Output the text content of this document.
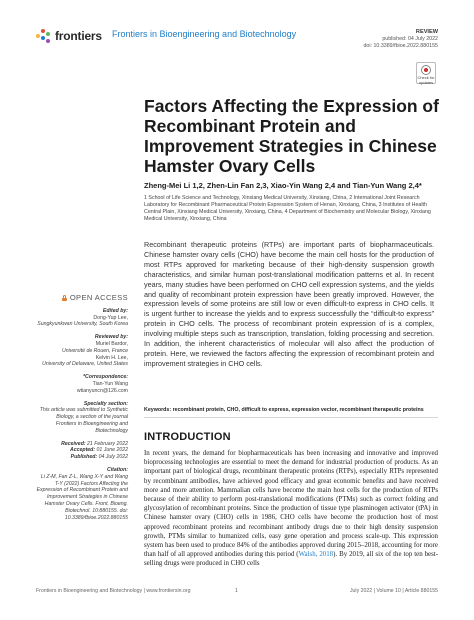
frontiers Frontiers in Bioengineering and Biotechnology	REVIEW
published: 04 July 2022
doi: 10.3389/fbioe.2022.880155
Check for
updates
Factors Affecting the Expression of Recombinant Protein and Improvement Strategies in Chinese Hamster Ovary Cells
Zheng-Mei Li 1,2, Zhen-Lin Fan 2,3, Xiao-Yin Wang 2,4 and Tian-Yun Wang 2,4*
1 School of Life Science and Technology, Xinxiang Medical University, Xinxiang, China, 2 International Joint Research Laboratory for Recombinant Pharmaceutical Protein Expression System of Henan, Xinxiang, China, 3 Institutes of Health Central Plain, Xinxiang Medical University, Xinxiang, China, 4 Department of Biochemistry and Molecular Biology, Xinxiang Medical University, Xinxiang, China
OPEN ACCESS
Edited by:
Dong-Yup Lee,
Sungkyunkwan University, South Korea
Reviewed by:
Muriel Bardor,
Université de Rouen, France
Kelvin H. Lee,
University of Delaware, United States
*Correspondence:
Tian-Yun Wang
wtianyuncn@126.com
Specialty section:
This article was submitted to Synthetic Biology, a section of the journal Frontiers in Bioengineering and Biotechnology
Received: 21 February 2022
Accepted: 01 June 2022
Published: 04 July 2022
Citation:
Li Z-M, Fan Z-L, Wang X-Y and Wang T-Y (2022) Factors Affecting the Expression of Recombinant Protein and Improvement Strategies in Chinese Hamster Ovary Cells. Front. Bioeng. Biotechnol. 10:880155. doi: 10.3389/fbioe.2022.880155
Recombinant therapeutic proteins (RTPs) are important parts of biopharmaceuticals. Chinese hamster ovary cells (CHO) have become the main cell hosts for the production of most RTPs approved for marketing because of their high-density suspension growth characteristics, and similar human post-translational modification patterns et al. In recent years, many studies have been performed on CHO cell expression systems, and the yields and quality of recombinant protein expression have been greatly improved. However, the expression levels of some proteins are still low or even difficult-to express in CHO cells. It is urgent further to increase the yields and to express successfully the “difficult-to express” protein in CHO cells. The process of recombinant protein expression of is a complex, involving multiple steps such as transcription, translation, folding processing and secretion. In addition, the inherent characteristics of molecular will also affect the production of protein. Here, we reviewed the factors affecting the expression of recombinant protein and improvement strategies in CHO cells.
Keywords: recombinant protein, CHO, difficult to express, expression vector, recombinant therapeutic proteins
INTRODUCTION
In recent years, the demand for biopharmaceuticals has been increasing and innovative and improved bioprocessing technologies are essential to meet the demand for industrial production of products. As an important part of biological drugs, recombinant therapeutic proteins (RTPs), especially RTPs represented by recombinant antibodies, have achieved good efficacy and great economic benefits and have received more and more attention. Mammalian cells have become the main host cells for the production of RTPs because of their ability to perform post-translational modifications (PTMs) such as correct folding and glycosylation of recombinant proteins. Since the production of tissue type plasminogen activator (tPA) in Chinese hamster ovary (CHO) cells in 1986, CHO cells have become the production host of most approved recombinant proteins and recombinant antibody drugs due to their high density suspension growth, PTMs similar to humanized cells, easy gene operation and process scale-up. This expression system has been used to produce 84% of the antibodies approved during 2015–2018, accounting for more than half of all approved antibodies during this period (Walsh, 2018). By 2019, all six of the top ten best-selling drugs were produced in CHO cells
Frontiers in Bioengineering and Biotechnology | www.frontiersin.org	1	July 2022 | Volume 10 | Article 880155
